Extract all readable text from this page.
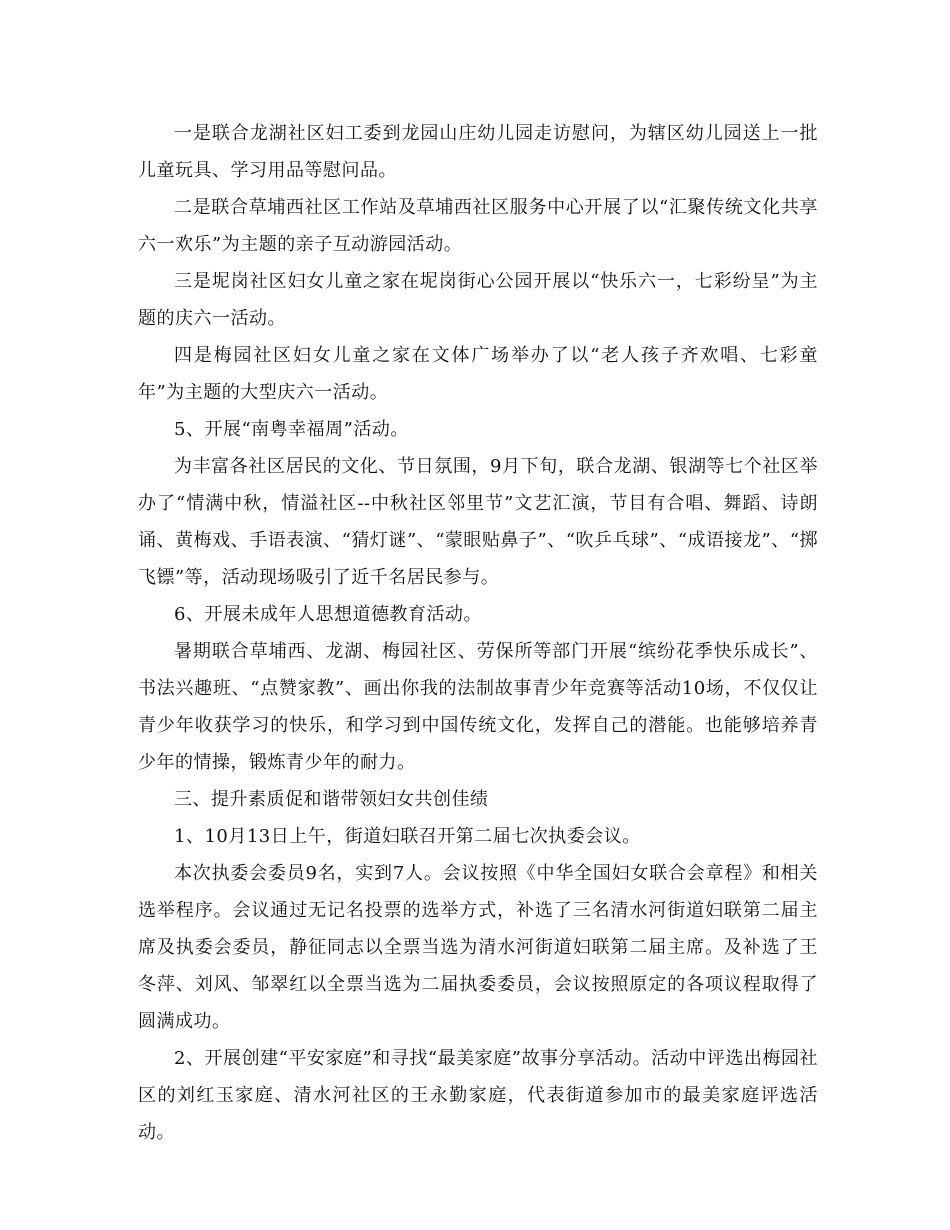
一是联合龙湖社区妇工委到龙园山庄幼儿园走访慰问，为辖区幼儿园送上一批儿童玩具、学习用品等慰问品。

二是联合草埔西社区工作站及草埔西社区服务中心开展了以“汇聚传统文化共享六一欢乐”为主题的亲子互动游园活动。

三是坭岗社区妇女儿童之家在坭岗街心公园开展以“快乐六一，七彩纷呈”为主题的庆六一活动。

四是梅园社区妇女儿童之家在文体广场举办了以“老人孩子齐欢唱、七彩童年”为主题的大型庆六一活动。

5、开展“南粤幸福周”活动。

为丰富各社区居民的文化、节日氛围，9月下旬，联合龙湖、银湖等七个社区举办了“情满中秋，情溢社区--中秋社区邻里节”文艺汇演，节目有合唱、舞蹈、诗朗诵、黄梅戏、手语表演、“猜灯谜”、“蒙眼贴鼻子”、“吹乒乓球”、“成语接龙”、“掷飞镖”等，活动现场吸引了近千名居民参与。

6、开展未成年人思想道德教育活动。

暑期联合草埔西、龙湖、梅园社区、劳保所等部门开展“缤纷花季快乐成长”、书法兴趣班、“点赞家教”、画出你我的法制故事青少年竞赛等活动10场，不仅仅让青少年收获学习的快乐，和学习到中国传统文化，发挥自己的潜能。也能够培养青少年的情操，锻炼青少年的耐力。

三、提升素质促和谐带领妇女共创佳绩

1、10月13日上午，街道妇联召开第二届七次执委会议。

本次执委会委员9名，实到7人。会议按照《中华全国妇女联合会章程》和相关选举程序。会议通过无记名投票的选举方式，补选了三名清水河街道妇联第二届主席及执委会委员，静征同志以全票当选为清水河街道妇联第二届主席。及补选了王冬萍、刘风、邹翠红以全票当选为二届执委委员，会议按照原定的各项议程取得了圆满成功。

2、开展创建“平安家庭”和寻找“最美家庭”故事分享活动。活动中评选出梅园社区的刘红玉家庭、清水河社区的王永勤家庭，代表街道参加市的最美家庭评选活动。
